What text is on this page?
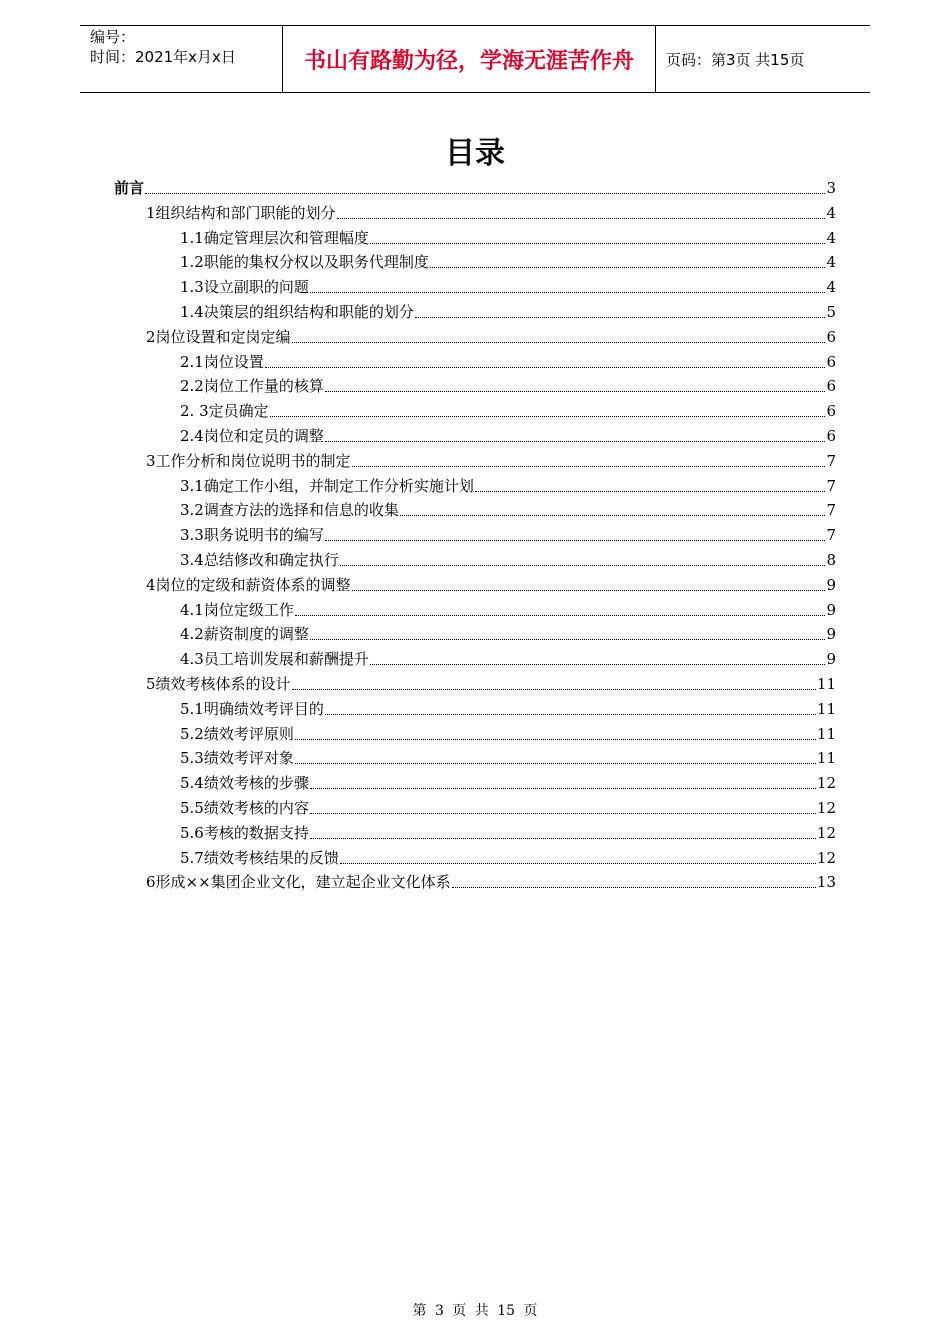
编号：
时间：2021年x月x日	书山有路勤为径，学海无涯苦作舟	页码：第3页 共15页
目录
前言	3
1组织结构和部门职能的划分	4
1.1确定管理层次和管理幅度	4
1.2职能的集权分权以及职务代理制度	4
1.3设立副职的问题	4
1.4决策层的组织结构和职能的划分	5
2岗位设置和定岗定编	6
2.1岗位设置	6
2.2岗位工作量的核算	6
2. 3定员确定	6
2.4岗位和定员的调整	6
3工作分析和岗位说明书的制定	7
3.1确定工作小组，并制定工作分析实施计划	7
3.2调查方法的选择和信息的收集	7
3.3职务说明书的编写	7
3.4总结修改和确定执行	8
4岗位的定级和薪资体系的调整	9
4.1岗位定级工作	9
4.2薪资制度的调整	9
4.3员工培训发展和薪酬提升	9
5绩效考核体系的设计	11
5.1明确绩效考评目的	11
5.2绩效考评原则	11
5.3绩效考评对象	11
5.4绩效考核的步骤	12
5.5绩效考核的内容	12
5.6考核的数据支持	12
5.7绩效考核结果的反馈	12
6形成××集团企业文化，建立起企业文化体系	13
第 3 页 共 15 页
